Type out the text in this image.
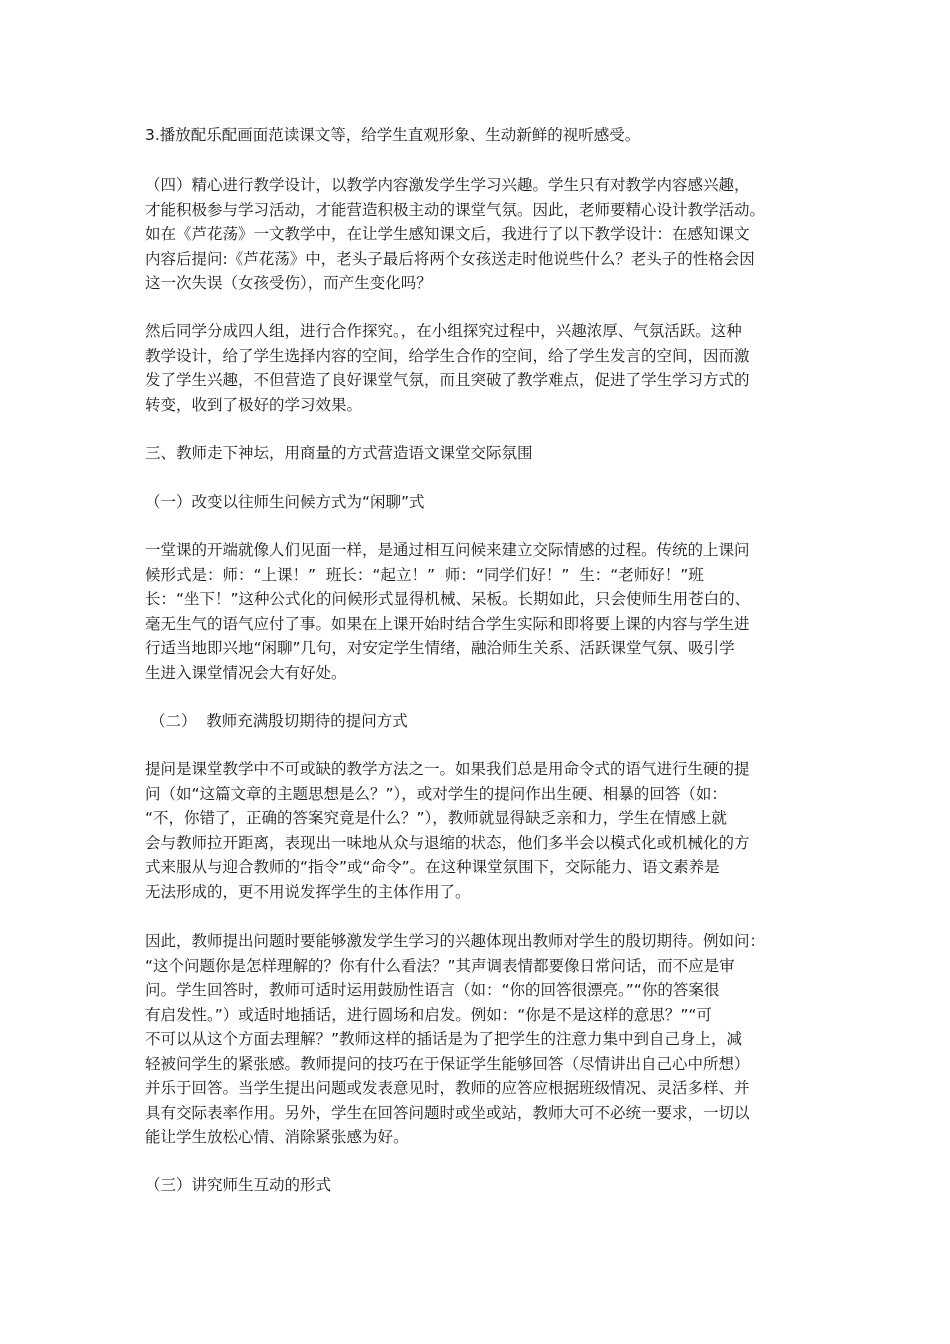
3.播放配乐配画面范读课文等，给学生直观形象、生动新鲜的视听感受。

（四）精心进行教学设计，以教学内容激发学生学习兴趣。学生只有对教学内容感兴趣，
才能积极参与学习活动，才能营造积极主动的课堂气氛。因此，老师要精心设计教学活动。
如在《芦花荡》一文教学中，在让学生感知课文后，我进行了以下教学设计：在感知课文
内容后提问:《芦花荡》中，老头子最后将两个女孩送走时他说些什么？老头子的性格会因
这一次失误（女孩受伤），而产生变化吗？

然后同学分成四人组，进行合作探究。，在小组探究过程中，兴趣浓厚、气氛活跃。这种
教学设计，给了学生选择内容的空间，给学生合作的空间，给了学生发言的空间，因而激
发了学生兴趣，不但营造了良好课堂气氛，而且突破了教学难点，促进了学生学习方式的
转变，收到了极好的学习效果。

三、教师走下神坛，用商量的方式营造语文课堂交际氛围

（一）改变以往师生问候方式为“闲聊”式

一堂课的开端就像人们见面一样，是通过相互问候来建立交际情感的过程。传统的上课问
候形式是：师：“上课！”  班长：“起立！”  师：“同学们好！”  生：“老师好！”班
长：“坐下！”这种公式化的问候形式显得机械、呆板。长期如此，只会使师生用苍白的、
毫无生气的语气应付了事。如果在上课开始时结合学生实际和即将要上课的内容与学生进
行适当地即兴地“闲聊”几句，对安定学生情绪，融洽师生关系、活跃课堂气氛、吸引学
生进入课堂情况会大有好处。

（二）  教师充满殷切期待的提问方式

提问是课堂教学中不可或缺的教学方法之一。如果我们总是用命令式的语气进行生硬的提
问（如“这篇文章的主题思想是么？”），或对学生的提问作出生硬、相暴的回答（如：
“不，你错了，正确的答案究竟是什么？”），教师就显得缺乏亲和力，学生在情感上就
会与教师拉开距离，表现出一味地从众与退缩的状态，他们多半会以模式化或机械化的方
式来服从与迎合教师的“指令”或“命令”。在这种课堂氛围下，交际能力、语文素养是
无法形成的，更不用说发挥学生的主体作用了。

因此，教师提出问题时要能够激发学生学习的兴趣体现出教师对学生的殷切期待。例如问：
“这个问题你是怎样理解的？你有什么看法？”其声调表情都要像日常问话，而不应是审
问。学生回答时，教师可适时运用鼓励性语言（如：“你的回答很漂亮。”“你的答案很
有启发性。”）或适时地插话，进行圆场和启发。例如：“你是不是这样的意思？”“可
不可以从这个方面去理解？”教师这样的插话是为了把学生的注意力集中到自己身上，减
轻被问学生的紧张感。教师提问的技巧在于保证学生能够回答（尽情讲出自己心中所想）
并乐于回答。当学生提出问题或发表意见时，教师的应答应根据班级情况、灵活多样、并
具有交际表率作用。另外，学生在回答问题时或坐或站，教师大可不必统一要求，一切以
能让学生放松心情、消除紧张感为好。

（三）讲究师生互动的形式
